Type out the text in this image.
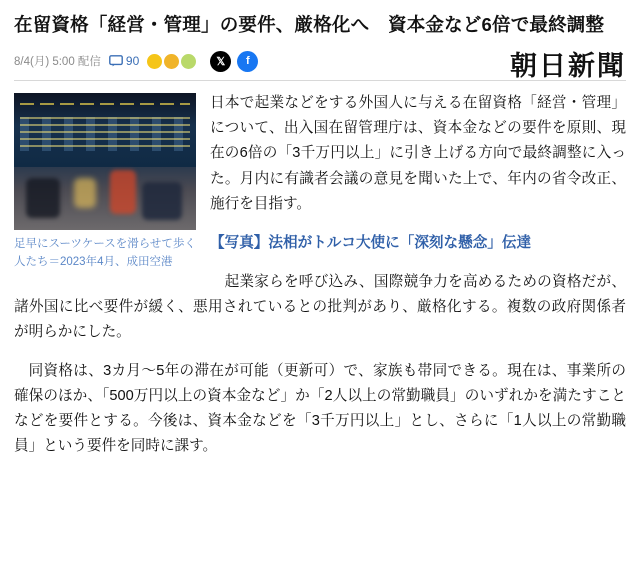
在留資格「経営・管理」の要件、厳格化へ　資本金など6倍で最終調整
8/4(月) 5:00 配信 90	𝕏	f	朝日新聞
足早にスーツケースを滑らせて歩く人たち＝2023年4月、成田空港

日本で起業などをする外国人に与える在留資格「経営・管理」について、出入国在留管理庁は、資本金などの要件を原則、現在の6倍の「3千万円以上」に引き上げる方向で最終調整に入った。月内に有識者会議の意見を聞いた上で、年内の省令改正、施行を目指す。

【写真】法相がトルコ大使に「深刻な懸念」伝達

起業家らを呼び込み、国際競争力を高めるための資格だが、諸外国に比べ要件が緩く、悪用されているとの批判があり、厳格化する。複数の政府関係者が明らかにした。

同資格は、3カ月～5年の滞在が可能（更新可）で、家族も帯同できる。現在は、事業所の確保のほか、「500万円以上の資本金など」か「2人以上の常勤職員」のいずれかを満たすことなどを要件とする。今後は、資本金などを「3千万円以上」とし、さらに「1人以上の常勤職員」という要件を同時に課す。
